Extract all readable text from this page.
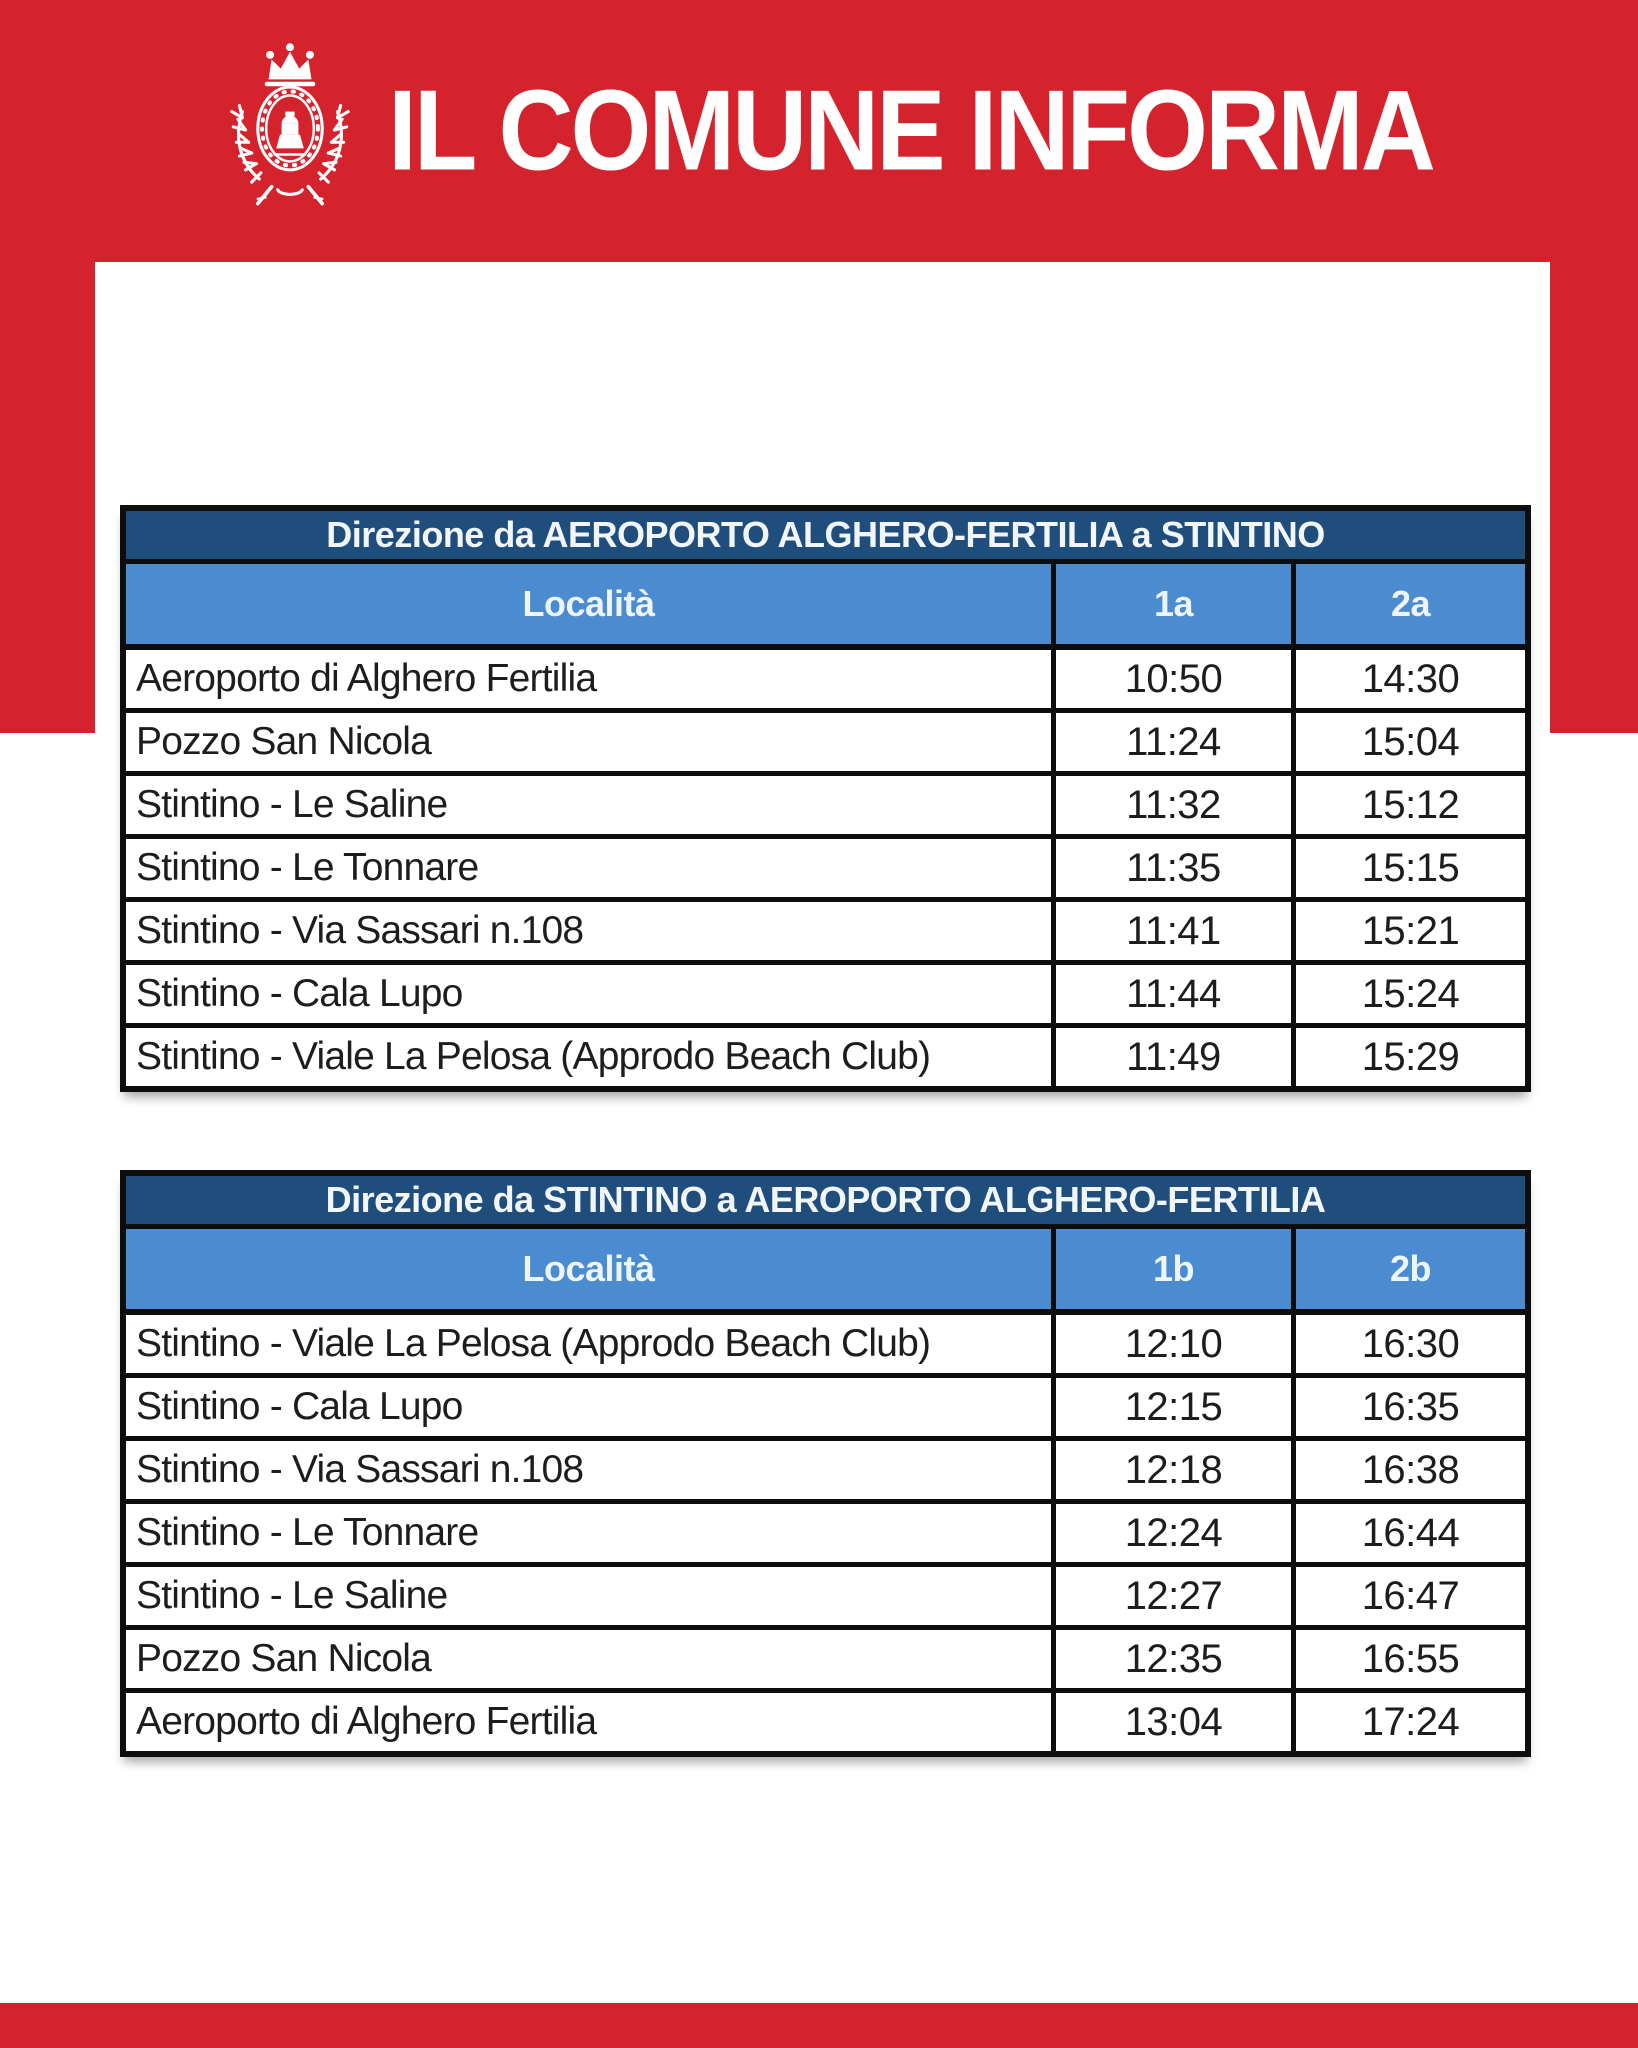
IL COMUNE INFORMA
Direzione da AEROPORTO ALGHERO-FERTILIA a STINTINO
Località	1a	2a
Aeroporto di Alghero Fertilia	10:50	14:30
Pozzo San Nicola	11:24	15:04
Stintino - Le Saline	11:32	15:12
Stintino - Le Tonnare	11:35	15:15
Stintino - Via Sassari n.108	11:41	15:21
Stintino - Cala Lupo	11:44	15:24
Stintino - Viale La Pelosa (Approdo Beach Club)	11:49	15:29
Direzione da STINTINO a AEROPORTO ALGHERO-FERTILIA
Località	1b	2b
Stintino - Viale La Pelosa (Approdo Beach Club)	12:10	16:30
Stintino - Cala Lupo	12:15	16:35
Stintino - Via Sassari n.108	12:18	16:38
Stintino - Le Tonnare	12:24	16:44
Stintino - Le Saline	12:27	16:47
Pozzo San Nicola	12:35	16:55
Aeroporto di Alghero Fertilia	13:04	17:24
